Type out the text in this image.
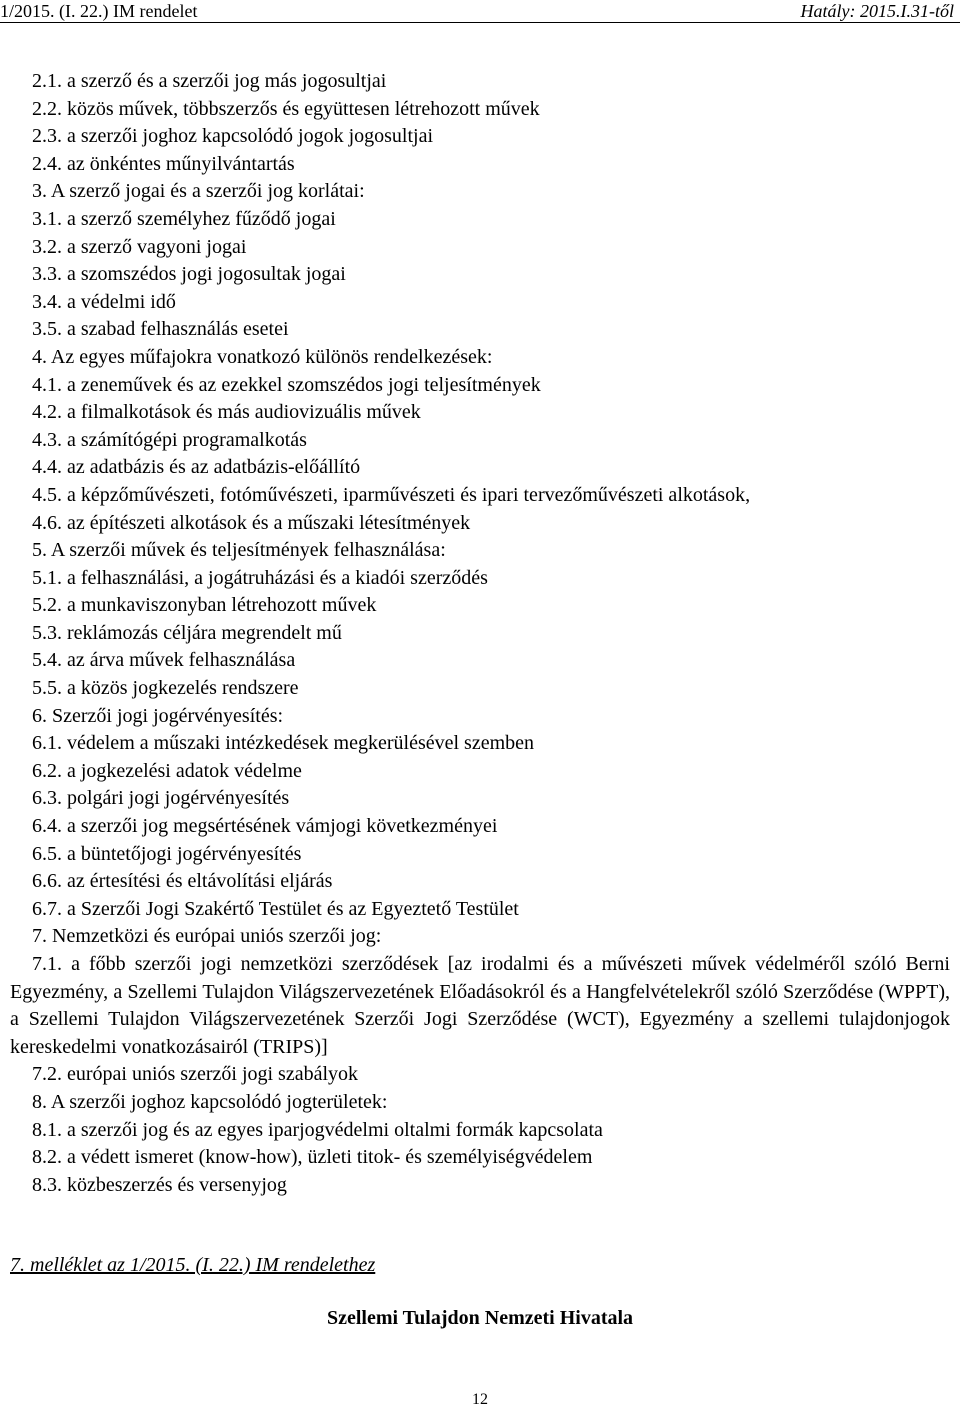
1/2015. (I. 22.) IM rendelet	Hatály: 2015.I.31-től
2.1. a szerző és a szerzői jog más jogosultjai
2.2. közös művek, többszerzős és együttesen létrehozott művek
2.3. a szerzői joghoz kapcsolódó jogok jogosultjai
2.4. az önkéntes műnyilvántartás
3. A szerző jogai és a szerzői jog korlátai:
3.1. a szerző személyhez fűződő jogai
3.2. a szerző vagyoni jogai
3.3. a szomszédos jogi jogosultak jogai
3.4. a védelmi idő
3.5. a szabad felhasználás esetei
4. Az egyes műfajokra vonatkozó különös rendelkezések:
4.1. a zeneművek és az ezekkel szomszédos jogi teljesítmények
4.2. a filmalkotások és más audiovizuális művek
4.3. a számítógépi programalkotás
4.4. az adatbázis és az adatbázis-előállító
4.5. a képzőművészeti, fotóművészeti, iparművészeti és ipari tervezőművészeti alkotások,
4.6. az építészeti alkotások és a műszaki létesítmények
5. A szerzői művek és teljesítmények felhasználása:
5.1. a felhasználási, a jogátruházási és a kiadói szerződés
5.2. a munkaviszonyban létrehozott művek
5.3. reklámozás céljára megrendelt mű
5.4. az árva művek felhasználása
5.5. a közös jogkezelés rendszere
6. Szerzői jogi jogérvényesítés:
6.1. védelem a műszaki intézkedések megkerülésével szemben
6.2. a jogkezelési adatok védelme
6.3. polgári jogi jogérvényesítés
6.4. a szerzői jog megsértésének vámjogi következményei
6.5. a büntetőjogi jogérvényesítés
6.6. az értesítési és eltávolítási eljárás
6.7. a Szerzői Jogi Szakértő Testület és az Egyeztető Testület
7. Nemzetközi és európai uniós szerzői jog:
7.1. a főbb szerzői jogi nemzetközi szerződések [az irodalmi és a művészeti művek védelméről szóló Berni Egyezmény, a Szellemi Tulajdon Világszervezetének Előadásokról és a Hangfelvételekről szóló Szerződése (WPPT), a Szellemi Tulajdon Világszervezetének Szerzői Jogi Szerződése (WCT), Egyezmény a szellemi tulajdonjogok kereskedelmi vonatkozásairól (TRIPS)]
7.2. európai uniós szerzői jogi szabályok
8. A szerzői joghoz kapcsolódó jogterületek:
8.1. a szerzői jog és az egyes iparjogvédelmi oltalmi formák kapcsolata
8.2. a védett ismeret (know-how), üzleti titok- és személyiségvédelem
8.3. közbeszerzés és versenyjog
7. melléklet az 1/2015. (I. 22.) IM rendelethez
Szellemi Tulajdon Nemzeti Hivatala
12
